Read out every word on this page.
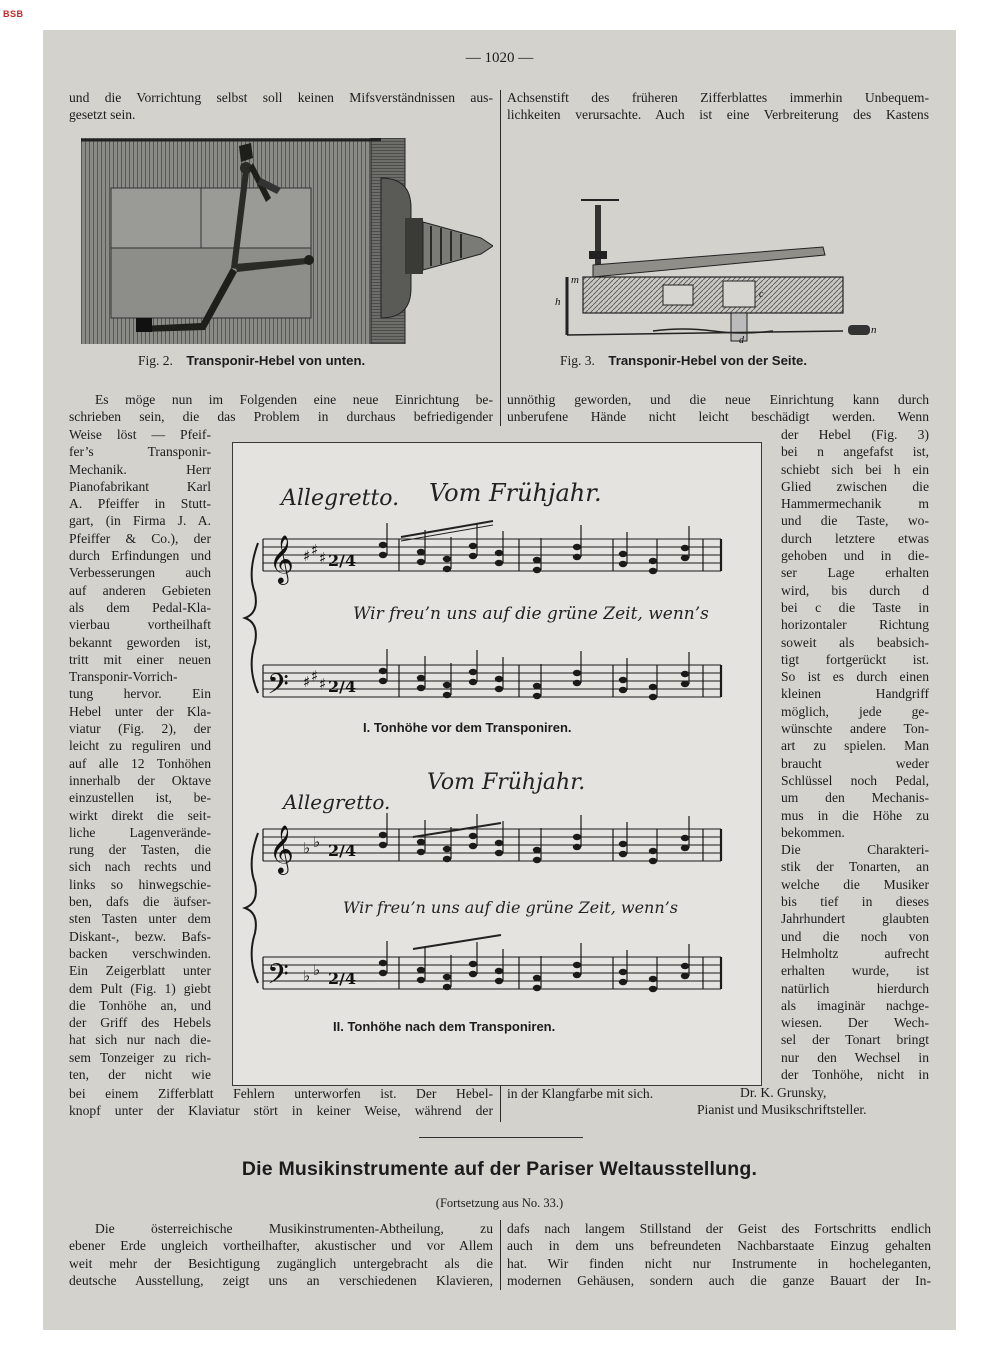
BSB
— 1020 —

und die Vorrichtung selbst soll keinen Mifsverständnissen aus-

gesetzt sein.

Achsenstift des früheren Zifferblattes immerhin Unbequem-

lichkeiten verursachte. Auch ist eine Verbreiterung des Kastens

Fig. 2. Transponir-Hebel von unten.
m
h
c
d
n
Fig. 3. Transponir-Hebel von der Seite.

Es möge nun im Folgenden eine neue Einrichtung be-

schrieben sein, die das Problem in durchaus befriedigender

unnöthig geworden, und die neue Einrichtung kann durch

unberufene Hände nicht leicht beschädigt werden. Wenn

Weise löst — Pfeif-

fer’s Transponir-

Mechanik. Herr

Pianofabrikant Karl

A. Pfeiffer in Stutt-

gart, (in Firma J. A.

Pfeiffer & Co.), der

durch Erfindungen und

Verbesserungen auch

auf anderen Gebieten

als dem Pedal-Kla-

vierbau vortheilhaft

bekannt geworden ist,

tritt mit einer neuen

Transponir-Vorrich-

tung hervor. Ein

Hebel unter der Kla-

viatur (Fig. 2), der

leicht zu reguliren und

auf alle 12 Tonhöhen

innerhalb der Oktave

einzustellen ist, be-

wirkt direkt die seit-

liche Lagenverände-

rung der Tasten, die

sich nach rechts und

links so hinwegschie-

ben, dafs die äufser-

sten Tasten unter dem

Diskant-, bezw. Bafs-

backen verschwinden.

Ein Zeigerblatt unter

dem Pult (Fig. 1) giebt

die Tonhöhe an, und

der Griff des Hebels

hat sich nur nach die-

sem Tonzeiger zu rich-

ten, der nicht wie

der Hebel (Fig. 3)

bei n angefafst ist,

schiebt sich bei h ein

Glied zwischen die

Hammermechanik m

und die Taste, wo-

durch letztere etwas

gehoben und in die-

ser Lage erhalten

wird, bis durch d

bei c die Taste in

horizontaler Richtung

soweit als beabsich-

tigt fortgerückt ist.

So ist es durch einen

kleinen Handgriff

möglich, jede ge-

wünschte andere Ton-

art zu spielen. Man

braucht weder

Schlüssel noch Pedal,

um den Mechanis-

mus in die Höhe zu

bekommen.

Die Charakteri-

stik der Tonarten, an

welche die Musiker

bis tief in dieses

Jahrhundert glaubten

und die noch von

Helmholtz aufrecht

erhalten wurde, ist

natürlich hierdurch

als imaginär nachge-

wiesen. Der Wech-

sel der Tonart bringt

nur den Wechsel in

der Tonhöhe, nicht in

Allegretto. Vom Frühjahr.
Wir freu’n uns auf die grüne Zeit, wenn’s
Allegretto.
Vom Frühjahr.
Wir freu’n uns auf die grüne Zeit, wenn’s
𝄞
𝄢
𝄞
𝄢
♯ ♯ ♯
♯ ♯ ♯
♭ ♭
♭ ♭
2/4
2/4
2/4
2/4
I. Tonhöhe vor dem Transponiren.
II. Tonhöhe nach dem Transponiren.

bei einem Zifferblatt Fehlern unterworfen ist. Der Hebel-

knopf unter der Klaviatur stört in keiner Weise, während der

in der Klangfarbe mit sich.	Dr. K. Grunsky,
Pianist und Musikschriftsteller.
Die Musikinstrumente auf der Pariser Weltausstellung.
(Fortsetzung aus No. 33.)

Die österreichische Musikinstrumenten-Abtheilung, zu

ebener Erde ungleich vortheilhafter, akustischer und vor Allem

weit mehr der Besichtigung zugänglich untergebracht als die

deutsche Ausstellung, zeigt uns an verschiedenen Klavieren,

dafs nach langem Stillstand der Geist des Fortschritts endlich

auch in dem uns befreundeten Nachbarstaate Einzug gehalten

hat. Wir finden nicht nur Instrumente in hocheleganten,

modernen Gehäusen, sondern auch die ganze Bauart der In-
